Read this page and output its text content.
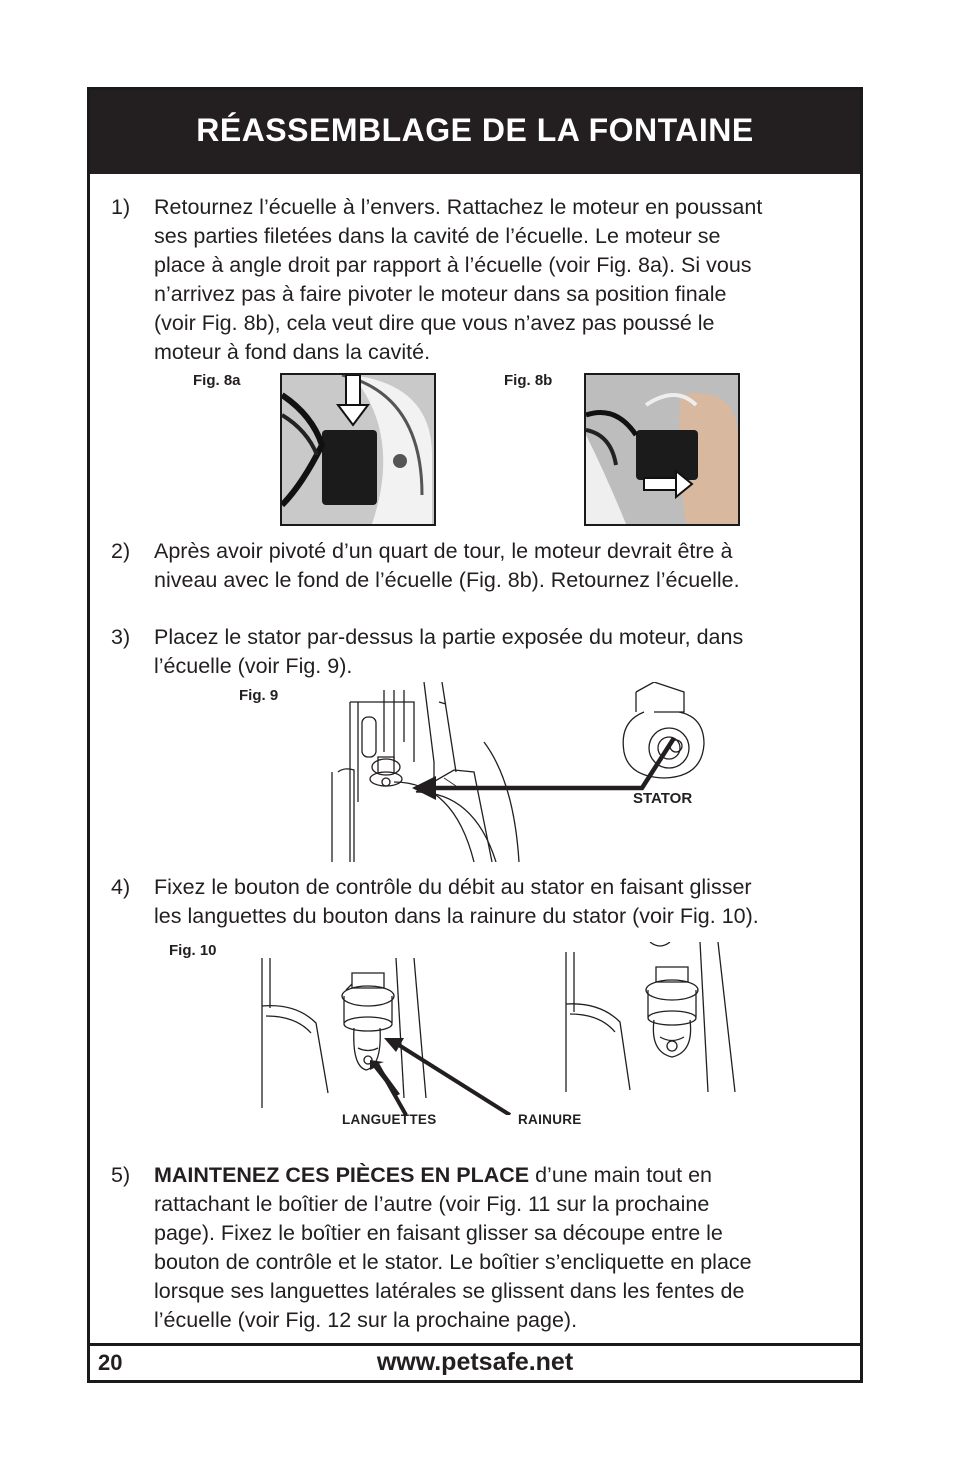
RÉASSEMBLAGE DE LA FONTAINE
1) Retournez l’écuelle à l’envers. Rattachez le moteur en poussant
ses parties filetées dans la cavité de l’écuelle. Le moteur se
place à angle droit par rapport à l’écuelle (voir Fig. 8a). Si vous
n’arrivez pas à faire pivoter le moteur dans sa position finale
(voir Fig. 8b), cela veut dire que vous n’avez pas poussé le
moteur à fond dans la cavité.
Fig. 8a	Fig. 8b
2) Après avoir pivoté d’un quart de tour, le moteur devrait être à
niveau avec le fond de l’écuelle (Fig. 8b). Retournez l’écuelle.
3) Placez le stator par-dessus la partie exposée du moteur, dans
l’écuelle (voir Fig. 9).
Fig. 9
STATOR
4) Fixez le bouton de contrôle du débit au stator en faisant glisser
les languettes du bouton dans la rainure du stator (voir Fig. 10).
Fig. 10
LANGUETTES	RAINURE
5) MAINTENEZ CES PIÈCES EN PLACE d’une main tout en
rattachant le boîtier de l’autre (voir Fig. 11 sur la prochaine
page). Fixez le boîtier en faisant glisser sa découpe entre le
bouton de contrôle et le stator. Le boîtier s’encliquette en place
lorsque ses languettes latérales se glissent dans les fentes de
l’écuelle (voir Fig. 12 sur la prochaine page).
20	www.petsafe.net
